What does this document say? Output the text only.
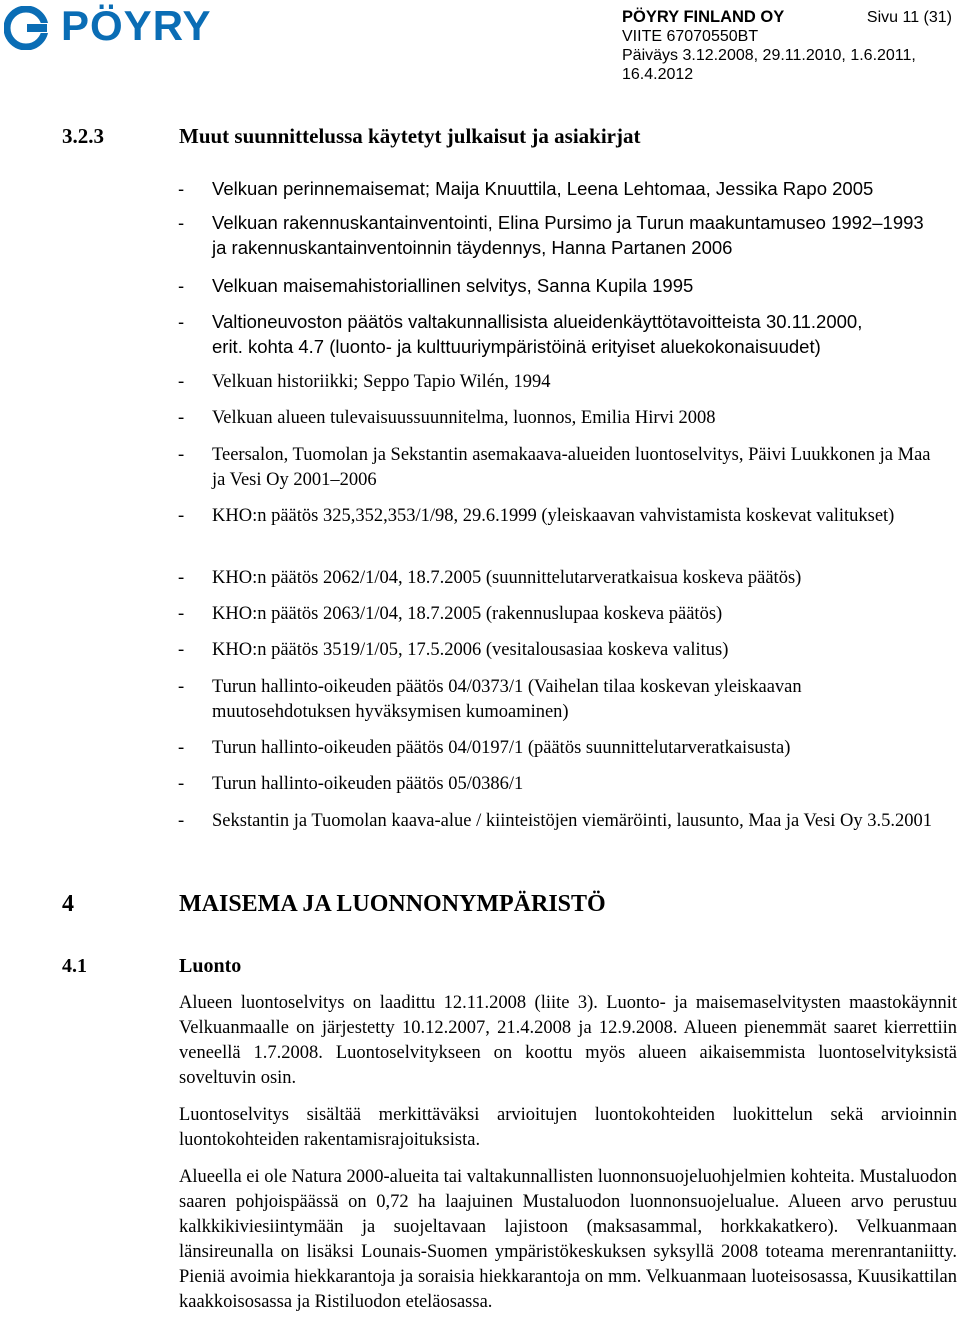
PÖYRY	PÖYRY FINLAND OY	Sivu 11 (31)
VIITE 67070550BT
Päiväys 3.12.2008, 29.11.2010, 1.6.2011,
16.4.2012
3.2.3	Muut suunnittelussa käytetyt julkaisut ja asiakirjat
- Velkuan perinnemaisemat; Maija Knuuttila, Leena Lehtomaa, Jessika Rapo 2005
- Velkuan rakennuskantainventointi, Elina Pursimo ja Turun maakuntamuseo 1992–1993 ja rakennuskantainventoinnin täydennys, Hanna Partanen 2006
- Velkuan maisemahistoriallinen selvitys, Sanna Kupila 1995
- Valtioneuvoston päätös valtakunnallisista alueidenkäyttötavoitteista 30.11.2000,
erit. kohta 4.7 (luonto- ja kulttuuriympäristöinä erityiset aluekokonaisuudet)
- Velkuan historiikki; Seppo Tapio Wilén, 1994
- Velkuan alueen tulevaisuussuunnitelma, luonnos, Emilia Hirvi 2008
- Teersalon, Tuomolan ja Sekstantin asemakaava-alueiden luontoselvitys, Päivi Luukkonen ja Maa ja Vesi Oy 2001–2006
- KHO:n päätös 325,352,353/1/98, 29.6.1999 (yleiskaavan vahvistamista koskevat valitukset)
- KHO:n päätös 2062/1/04, 18.7.2005 (suunnittelutarveratkaisua koskeva päätös)
- KHO:n päätös 2063/1/04, 18.7.2005 (rakennuslupaa koskeva päätös)
- KHO:n päätös 3519/1/05, 17.5.2006 (vesitalousasiaa koskeva valitus)
- Turun hallinto-oikeuden päätös 04/0373/1 (Vaihelan tilaa koskevan yleiskaavan muutosehdotuksen hyväksymisen kumoaminen)
- Turun hallinto-oikeuden päätös 04/0197/1 (päätös suunnittelutarveratkaisusta)
- Turun hallinto-oikeuden päätös 05/0386/1
- Sekstantin ja Tuomolan kaava-alue / kiinteistöjen viemäröinti, lausunto, Maa ja Vesi Oy 3.5.2001
4	MAISEMA JA LUONNONYMPÄRISTÖ
4.1	Luonto
Alueen luontoselvitys on laadittu 12.11.2008 (liite 3). Luonto- ja maisemaselvitysten maastokäynnit Velkuanmaalle on järjestetty 10.12.2007, 21.4.2008 ja 12.9.2008. Alueen pienemmät saaret kierrettiin veneellä 1.7.2008. Luontoselvitykseen on koottu myös alueen aikaisemmista luontoselvityksistä soveltuvin osin.
Luontoselvitys sisältää merkittäväksi arvioitujen luontokohteiden luokittelun sekä arvioinnin luontokohteiden rakentamisrajoituksista.
Alueella ei ole Natura 2000-alueita tai valtakunnallisten luonnonsuojeluohjelmien kohteita. Mustaluodon saaren pohjoispäässä on 0,72 ha laajuinen Mustaluodon luonnonsuojelualue. Alueen arvo perustuu kalkkikiviesiintymään ja suojeltavaan lajistoon (maksasammal, horkkakatkero). Velkuanmaan länsireunalla on lisäksi Lounais-Suomen ympäristökeskuksen syksyllä 2008 toteama merenrantaniitty. Pieniä avoimia hiekkarantoja ja soraisia hiekkarantoja on mm. Velkuanmaan luoteisosassa, Kuusikattilan kaakkoisosassa ja Ristiluodon eteläosassa.
